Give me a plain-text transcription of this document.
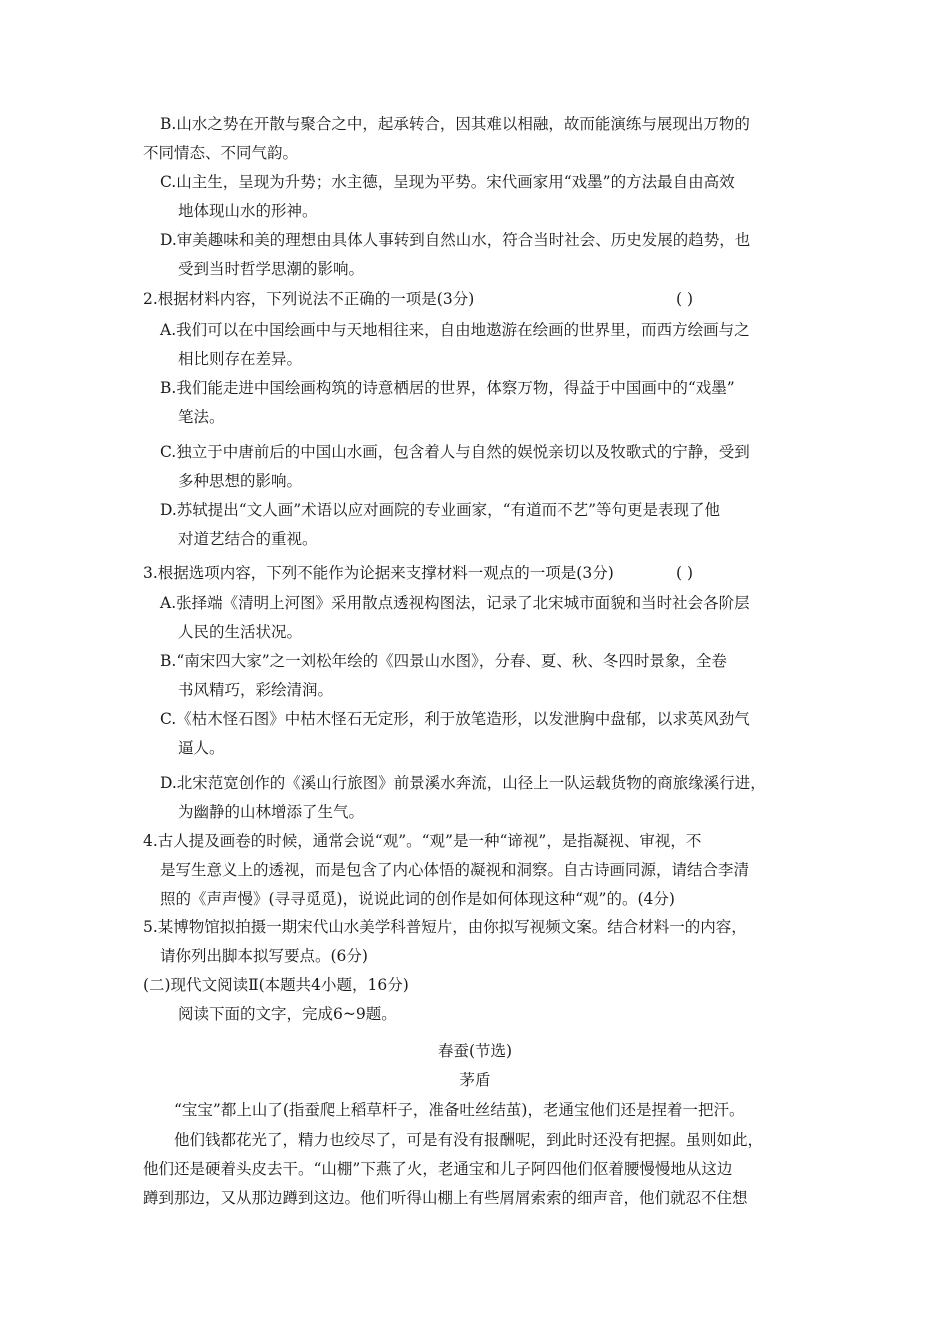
B.山水之势在开散与聚合之中，起承转合，因其难以相融，故而能演练与展现出万物的
不同情态、不同气韵。
C.山主生，呈现为升势；水主德，呈现为平势。宋代画家用“戏墨”的方法最自由高效
地体现山水的形神。
D.审美趣味和美的理想由具体人事转到自然山水，符合当时社会、历史发展的趋势，也
受到当时哲学思潮的影响。
2.根据材料内容，下列说法不正确的一项是(3分)	( )
A.我们可以在中国绘画中与天地相往来，自由地遨游在绘画的世界里，而西方绘画与之
相比则存在差异。
B.我们能走进中国绘画构筑的诗意栖居的世界，体察万物，得益于中国画中的“戏墨”
笔法。
C.独立于中唐前后的中国山水画，包含着人与自然的娱悦亲切以及牧歌式的宁静，受到
多种思想的影响。
D.苏轼提出“文人画”术语以应对画院的专业画家，“有道而不艺”等句更是表现了他
对道艺结合的重视。
3.根据选项内容，下列不能作为论据来支撑材料一观点的一项是(3分)	( )
A.张择端《清明上河图》采用散点透视构图法，记录了北宋城市面貌和当时社会各阶层
人民的生活状况。
B.“南宋四大家”之一刘松年绘的《四景山水图》，分春、夏、秋、冬四时景象，全卷
书风精巧，彩绘清润。
C.《枯木怪石图》中枯木怪石无定形，利于放笔造形，以发泄胸中盘郁，以求英风劲气
逼人。
D.北宋范宽创作的《溪山行旅图》前景溪水奔流，山径上一队运载货物的商旅缘溪行进，
为幽静的山林增添了生气。
4.古人提及画卷的时候，通常会说“观”。“观”是一种“谛视”，是指凝视、审视，不
是写生意义上的透视，而是包含了内心体悟的凝视和洞察。自古诗画同源，请结合李清
照的《声声慢》(寻寻觅觅)，说说此词的创作是如何体现这种“观”的。(4分)
5.某博物馆拟拍摄一期宋代山水美学科普短片，由你拟写视频文案。结合材料一的内容，
请你列出脚本拟写要点。(6分)
(二)现代文阅读Ⅱ(本题共4小题，16分)
阅读下面的文字，完成6~9题。
春蚕(节选)
茅盾
“宝宝”都上山了(指蚕爬上稻草杆子，准备吐丝结茧)，老通宝他们还是捏着一把汗。
他们钱都花光了，精力也绞尽了，可是有没有报酬呢，到此时还没有把握。虽则如此，
他们还是硬着头皮去干。“山棚”下燕了火，老通宝和儿子阿四他们伛着腰慢慢地从这边
蹲到那边，又从那边蹲到这边。他们听得山棚上有些屑屑索索的细声音，他们就忍不住想
